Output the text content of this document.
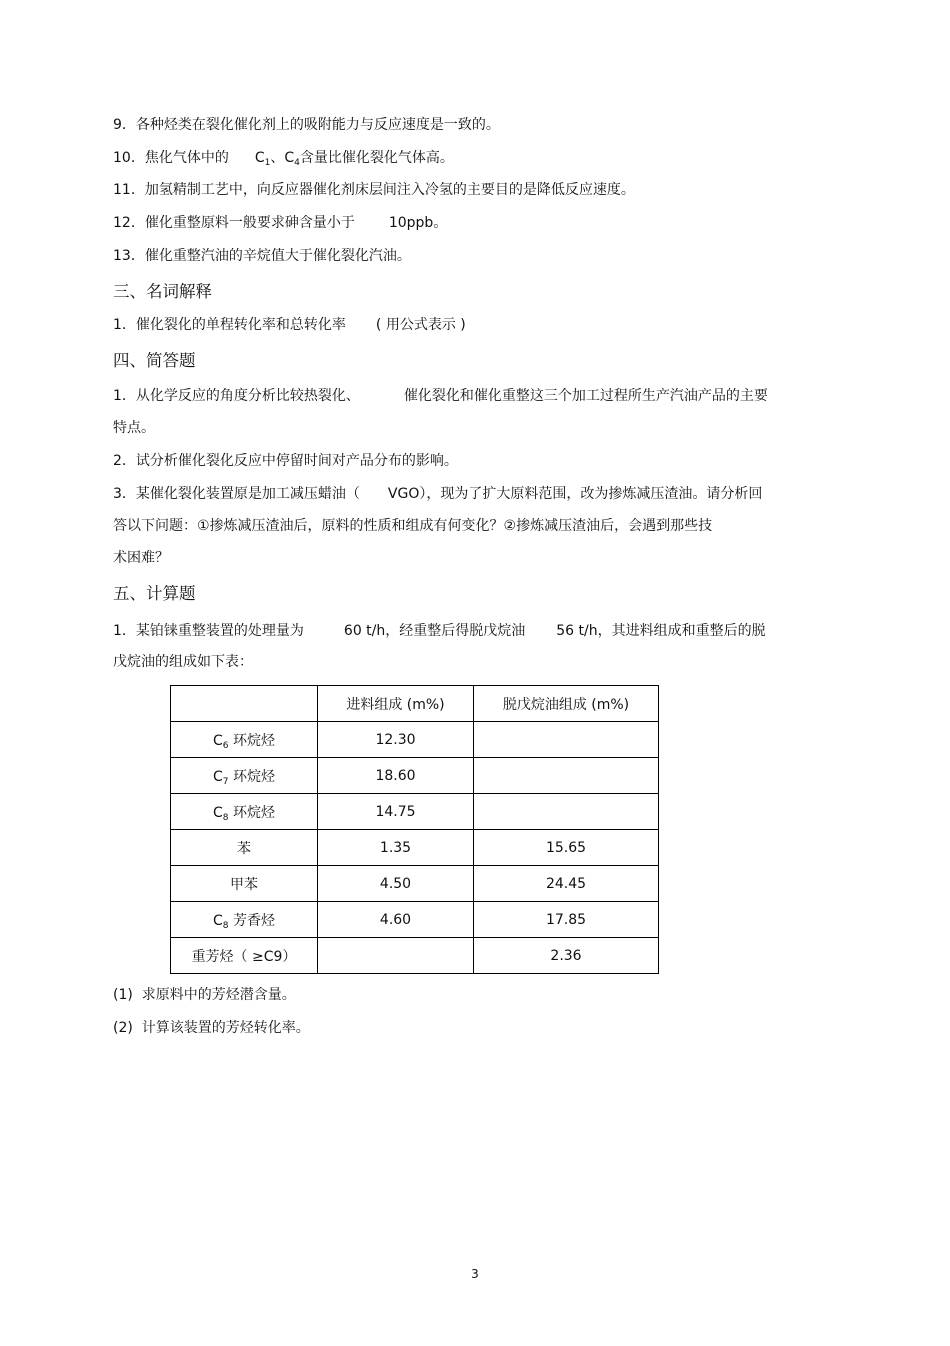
9．各种烃类在裂化催化剂上的吸附能力与反应速度是一致的。
10．焦化气体中的 $C_1$、$C_4$含量比催化裂化气体高。
11．加氢精制工艺中，向反应器催化剂床层间注入冷氢的主要目的是降低反应速度。
12．催化重整原料一般要求砷含量小于 10ppb。
13．催化重整汽油的辛烷值大于催化裂化汽油。
三、名词解释
1．催化裂化的单程转化率和总转化率 ( 用公式表示 )
四、简答题
1．从化学反应的角度分析比较热裂化、	催化裂化和催化重整这三个加工过程所生产汽油产品的主要
特点。
2．试分析催化裂化反应中停留时间对产品分布的影响。
3．某催化裂化装置原是加工减压蜡油（ VGO），现为了扩大原料范围，改为掺炼减压渣油。请分析回
答以下问题：①掺炼减压渣油后，原料的性质和组成有何变化？②掺炼减压渣油后，会遇到那些技
术困难？
五、计算题
1．某铂铼重整装置的处理量为	60 t/h，经重整后得脱戊烷油 56 t/h，其进料组成和重整后的脱
戊烷油的组成如下表：
	进料组成 (m%)	脱戊烷油组成 (m%)
$C_6$ 环烷烃	12.30	
$C_7$ 环烷烃	18.60	
$C_8$ 环烷烃	14.75	
苯	1.35	15.65
甲苯	4.50	24.45
$C_8$ 芳香烃	4.60	17.85
重芳烃（ ≥C9）		2.36
(1) 求原料中的芳烃潜含量。
(2) 计算该装置的芳烃转化率。
3
